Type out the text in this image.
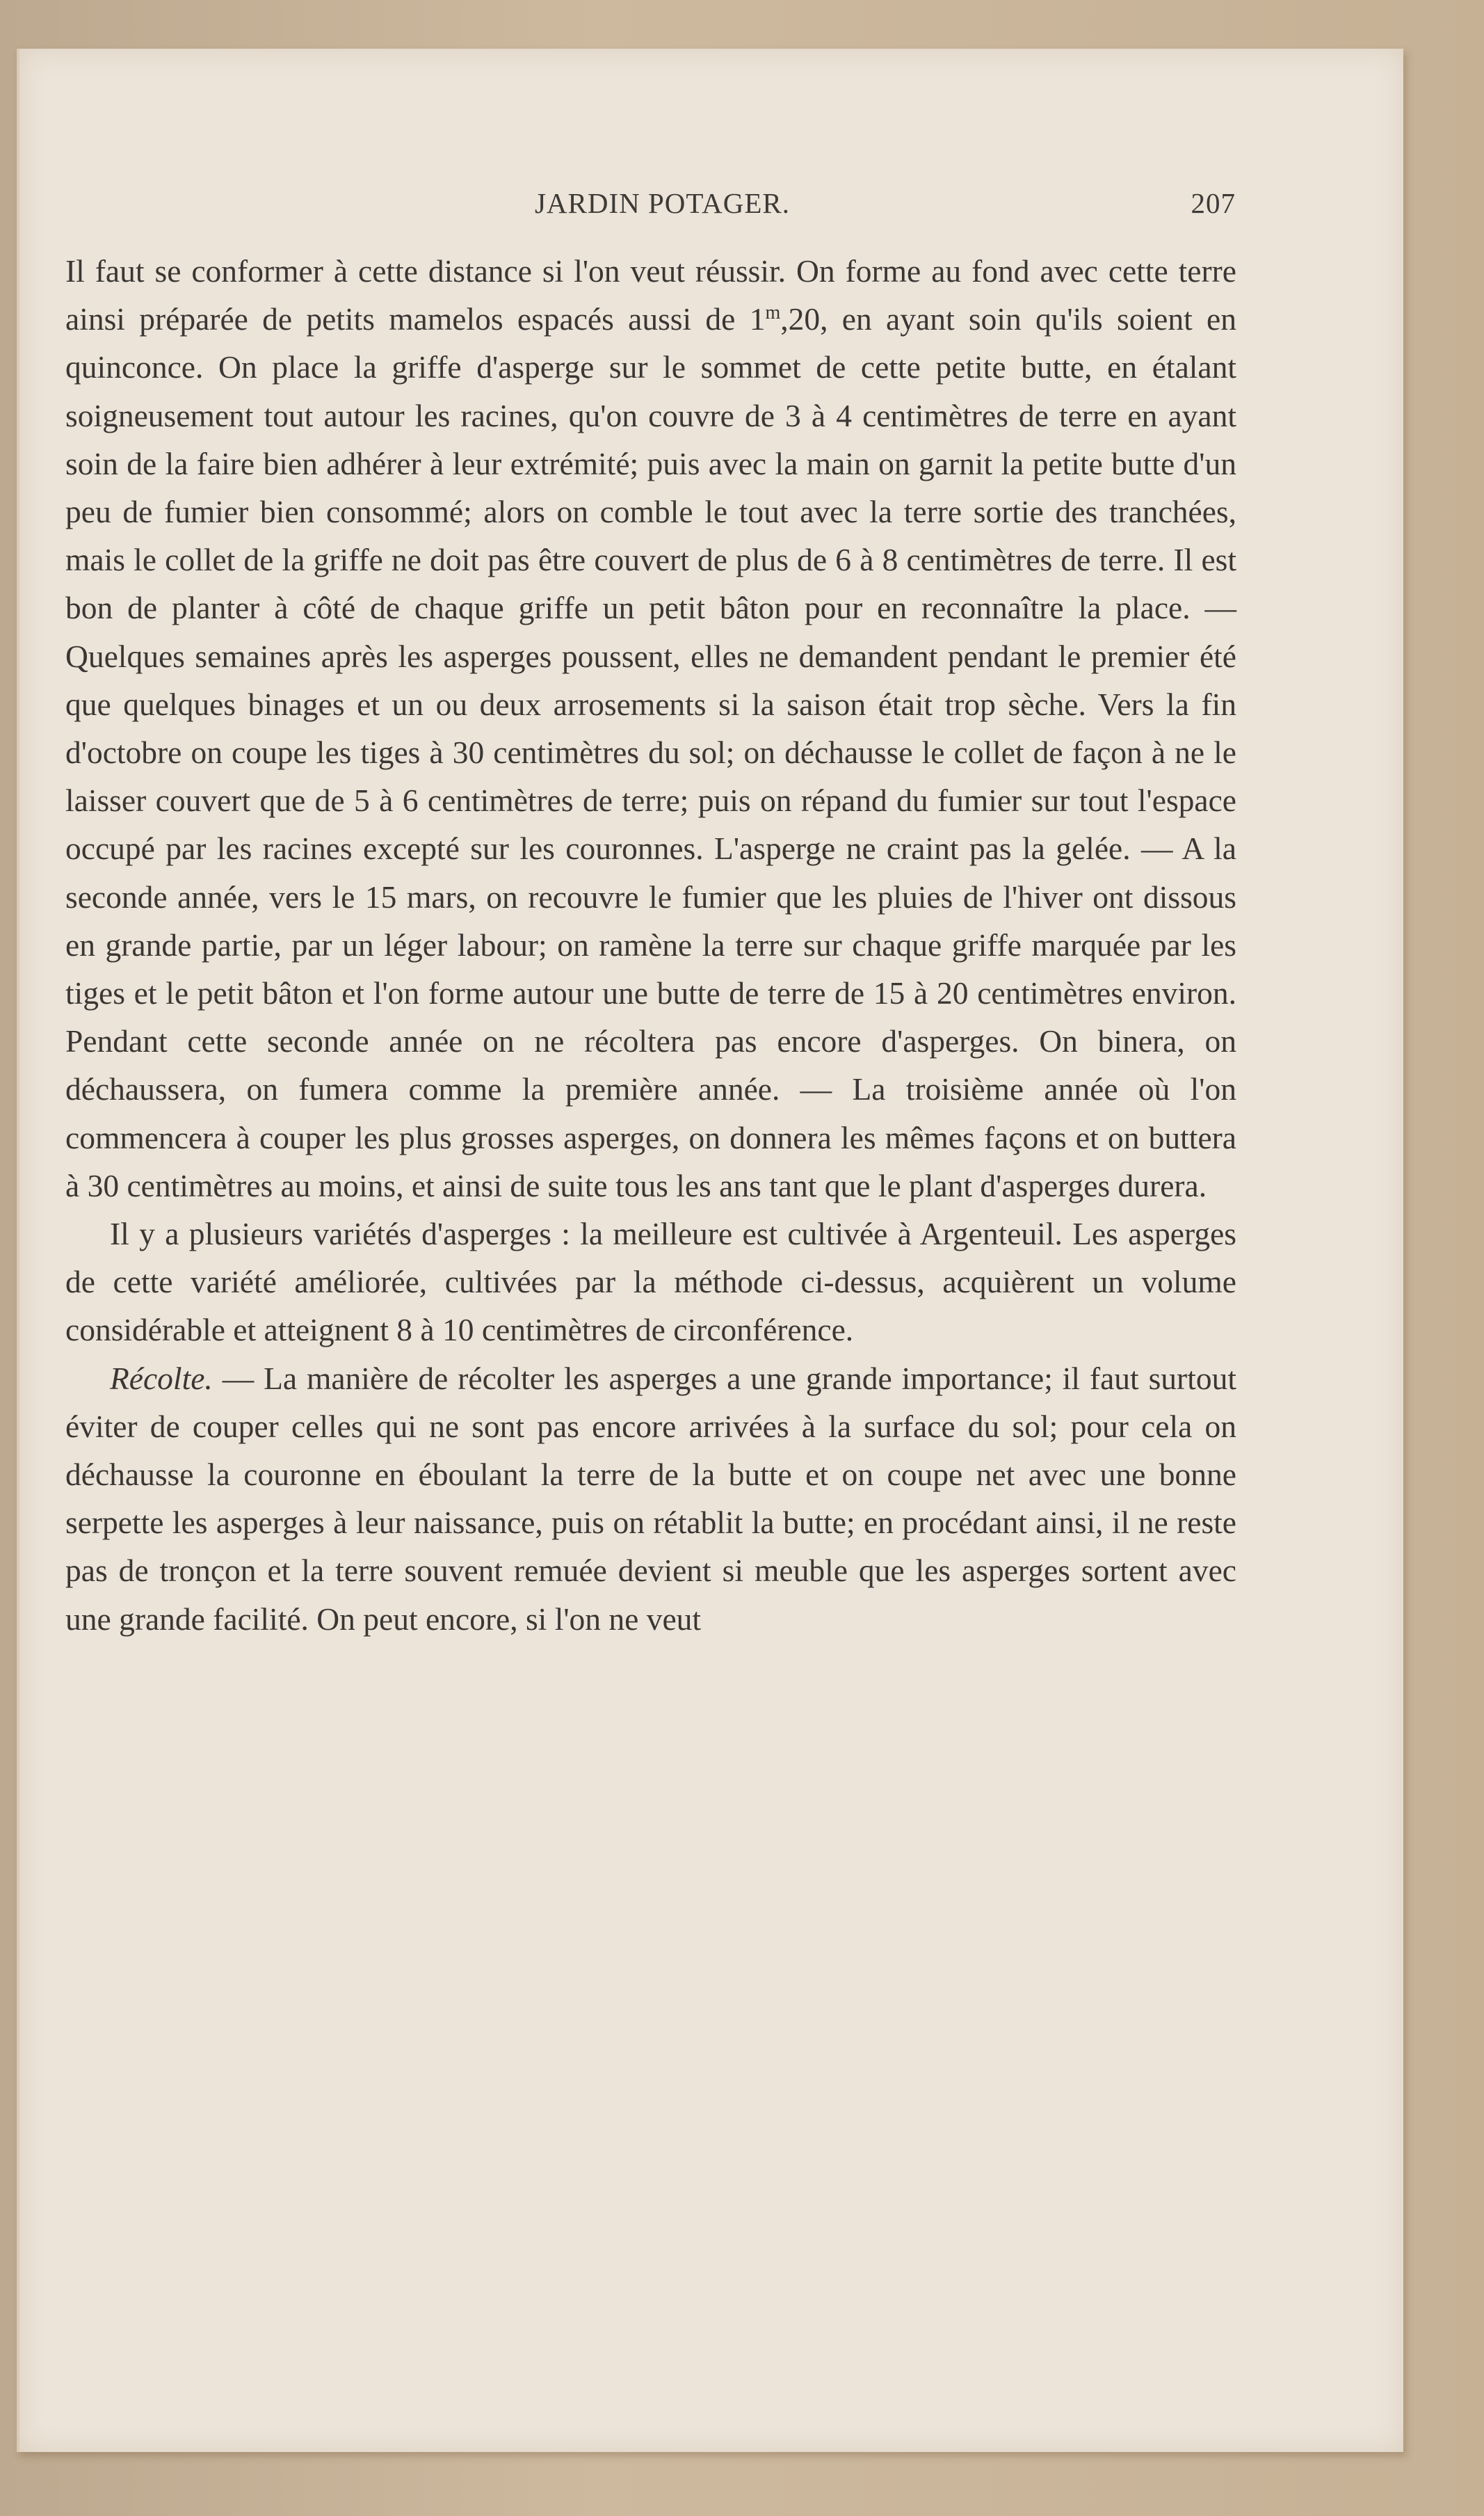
JARDIN POTAGER.	207

Il faut se conformer à cette distance si l'on veut réussir. On forme au fond avec cette terre ainsi préparée de petits mamelos espacés aussi de 1$^m$,20, en ayant soin qu'ils soient en quinconce. On place la griffe d'asperge sur le sommet de cette petite butte, en étalant soigneusement tout autour les racines, qu'on couvre de 3 à 4 centimètres de terre en ayant soin de la faire bien adhérer à leur extrémité; puis avec la main on garnit la petite butte d'un peu de fumier bien consommé; alors on comble le tout avec la terre sortie des tranchées, mais le collet de la griffe ne doit pas être couvert de plus de 6 à 8 centimètres de terre. Il est bon de planter à côté de chaque griffe un petit bâton pour en reconnaître la place. — Quelques semaines après les asperges poussent, elles ne demandent pendant le premier été que quelques binages et un ou deux arrosements si la saison était trop sèche. Vers la fin d'octobre on coupe les tiges à 30 centimètres du sol; on déchausse le collet de façon à ne le laisser couvert que de 5 à 6 centimètres de terre; puis on répand du fumier sur tout l'espace occupé par les racines excepté sur les couronnes. L'asperge ne craint pas la gelée. — A la seconde année, vers le 15 mars, on recouvre le fumier que les pluies de l'hiver ont dissous en grande partie, par un léger labour; on ramène la terre sur chaque griffe marquée par les tiges et le petit bâton et l'on forme autour une butte de terre de 15 à 20 centimètres environ. Pendant cette seconde année on ne récoltera pas encore d'asperges. On binera, on déchaussera, on fumera comme la première année. — La troisième année où l'on commencera à couper les plus grosses asperges, on donnera les mêmes façons et on buttera à 30 centimètres au moins, et ainsi de suite tous les ans tant que le plant d'asperges durera.

Il y a plusieurs variétés d'asperges : la meilleure est cultivée à Argenteuil. Les asperges de cette variété améliorée, cultivées par la méthode ci-dessus, acquièrent un volume considérable et atteignent 8 à 10 centimètres de circonférence.

Récolte. — La manière de récolter les asperges a une grande importance; il faut surtout éviter de couper celles qui ne sont pas encore arrivées à la surface du sol; pour cela on déchausse la couronne en éboulant la terre de la butte et on coupe net avec une bonne serpette les asperges à leur naissance, puis on rétablit la butte; en procédant ainsi, il ne reste pas de tronçon et la terre souvent remuée devient si meuble que les asperges sortent avec une grande facilité. On peut encore, si l'on ne veut
